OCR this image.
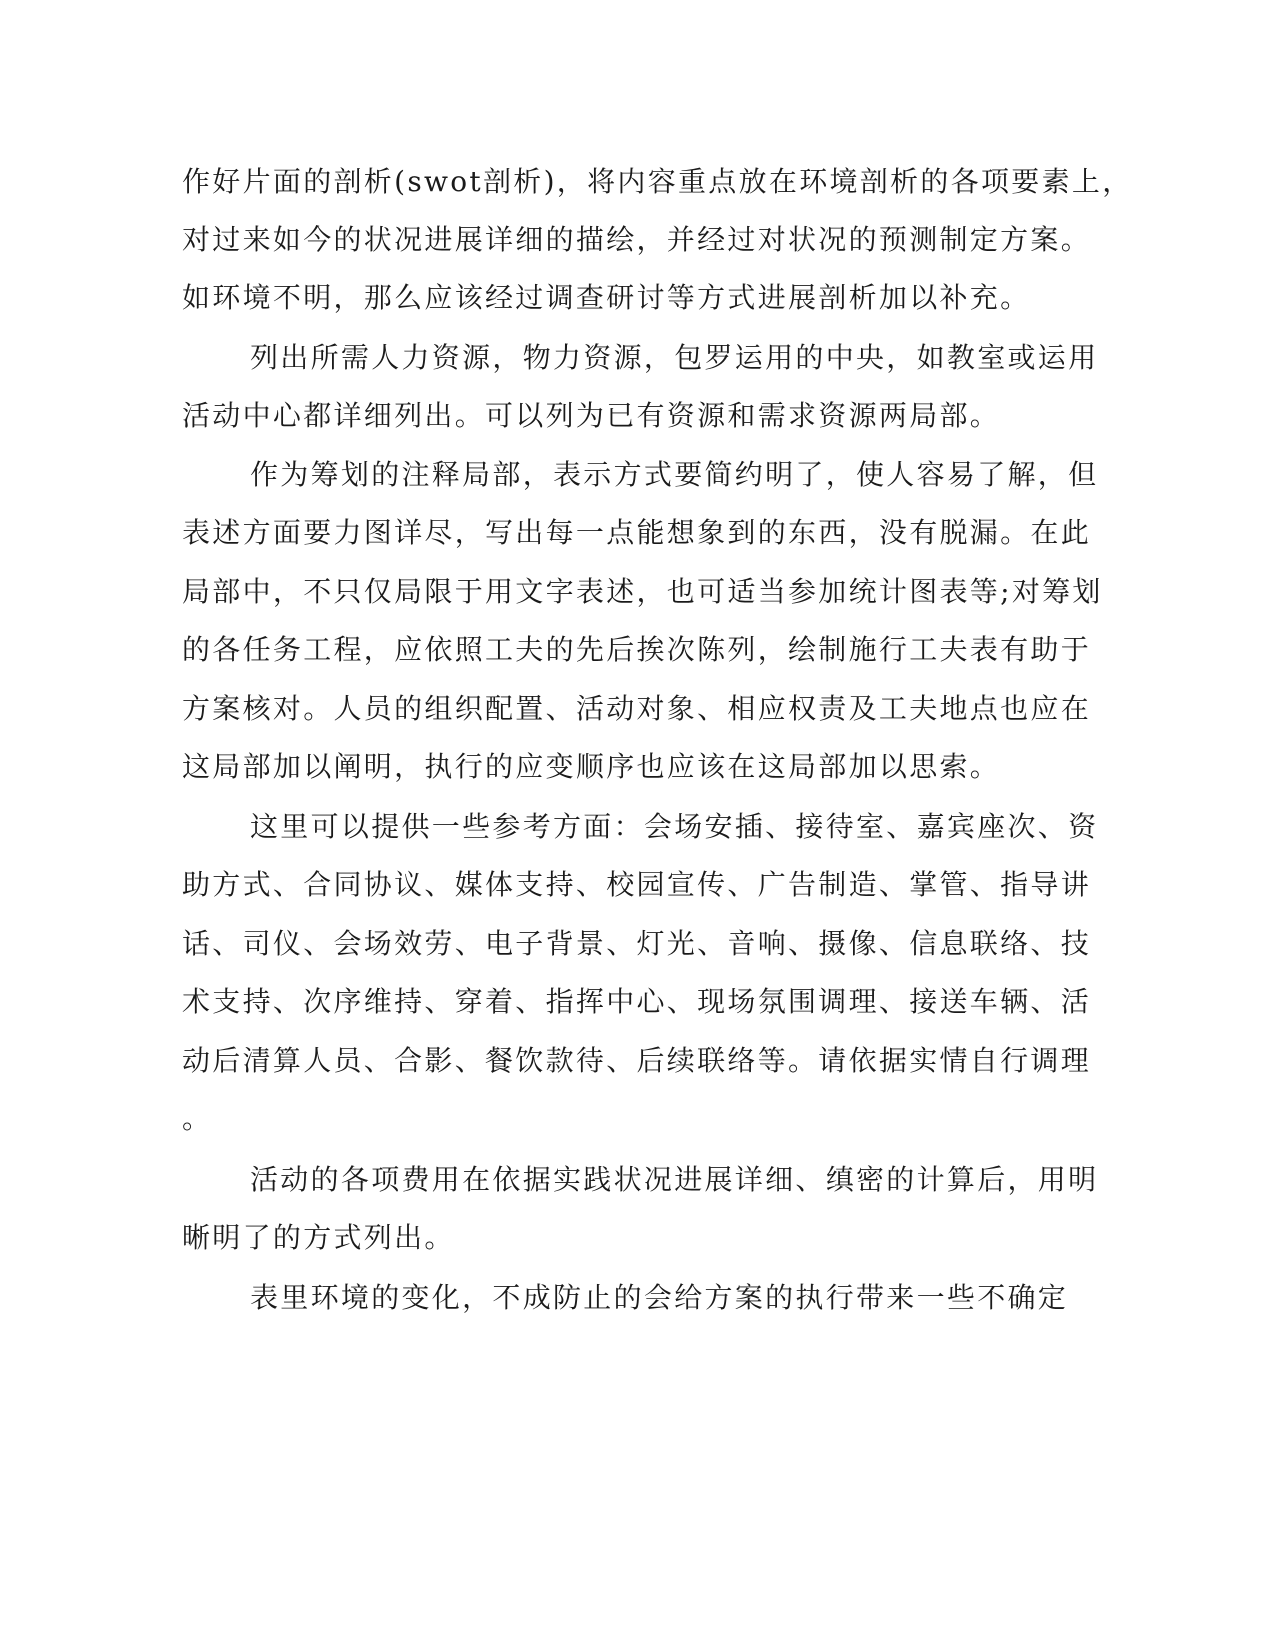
作好片面的剖析(swot剖析)，将内容重点放在环境剖析的各项要素上，
对过来如今的状况进展详细的描绘，并经过对状况的预测制定方案。
如环境不明，那么应该经过调查研讨等方式进展剖析加以补充。
列出所需人力资源，物力资源，包罗运用的中央，如教室或运用
活动中心都详细列出。可以列为已有资源和需求资源两局部。
作为筹划的注释局部，表示方式要简约明了，使人容易了解，但
表述方面要力图详尽，写出每一点能想象到的东西，没有脱漏。在此
局部中，不只仅局限于用文字表述，也可适当参加统计图表等;对筹划
的各任务工程，应依照工夫的先后挨次陈列，绘制施行工夫表有助于
方案核对。人员的组织配置、活动对象、相应权责及工夫地点也应在
这局部加以阐明，执行的应变顺序也应该在这局部加以思索。
这里可以提供一些参考方面：会场安插、接待室、嘉宾座次、资
助方式、合同协议、媒体支持、校园宣传、广告制造、掌管、指导讲
话、司仪、会场效劳、电子背景、灯光、音响、摄像、信息联络、技
术支持、次序维持、穿着、指挥中心、现场氛围调理、接送车辆、活
动后清算人员、合影、餐饮款待、后续联络等。请依据实情自行调理
。
活动的各项费用在依据实践状况进展详细、缜密的计算后，用明
晰明了的方式列出。
表里环境的变化，不成防止的会给方案的执行带来一些不确定
